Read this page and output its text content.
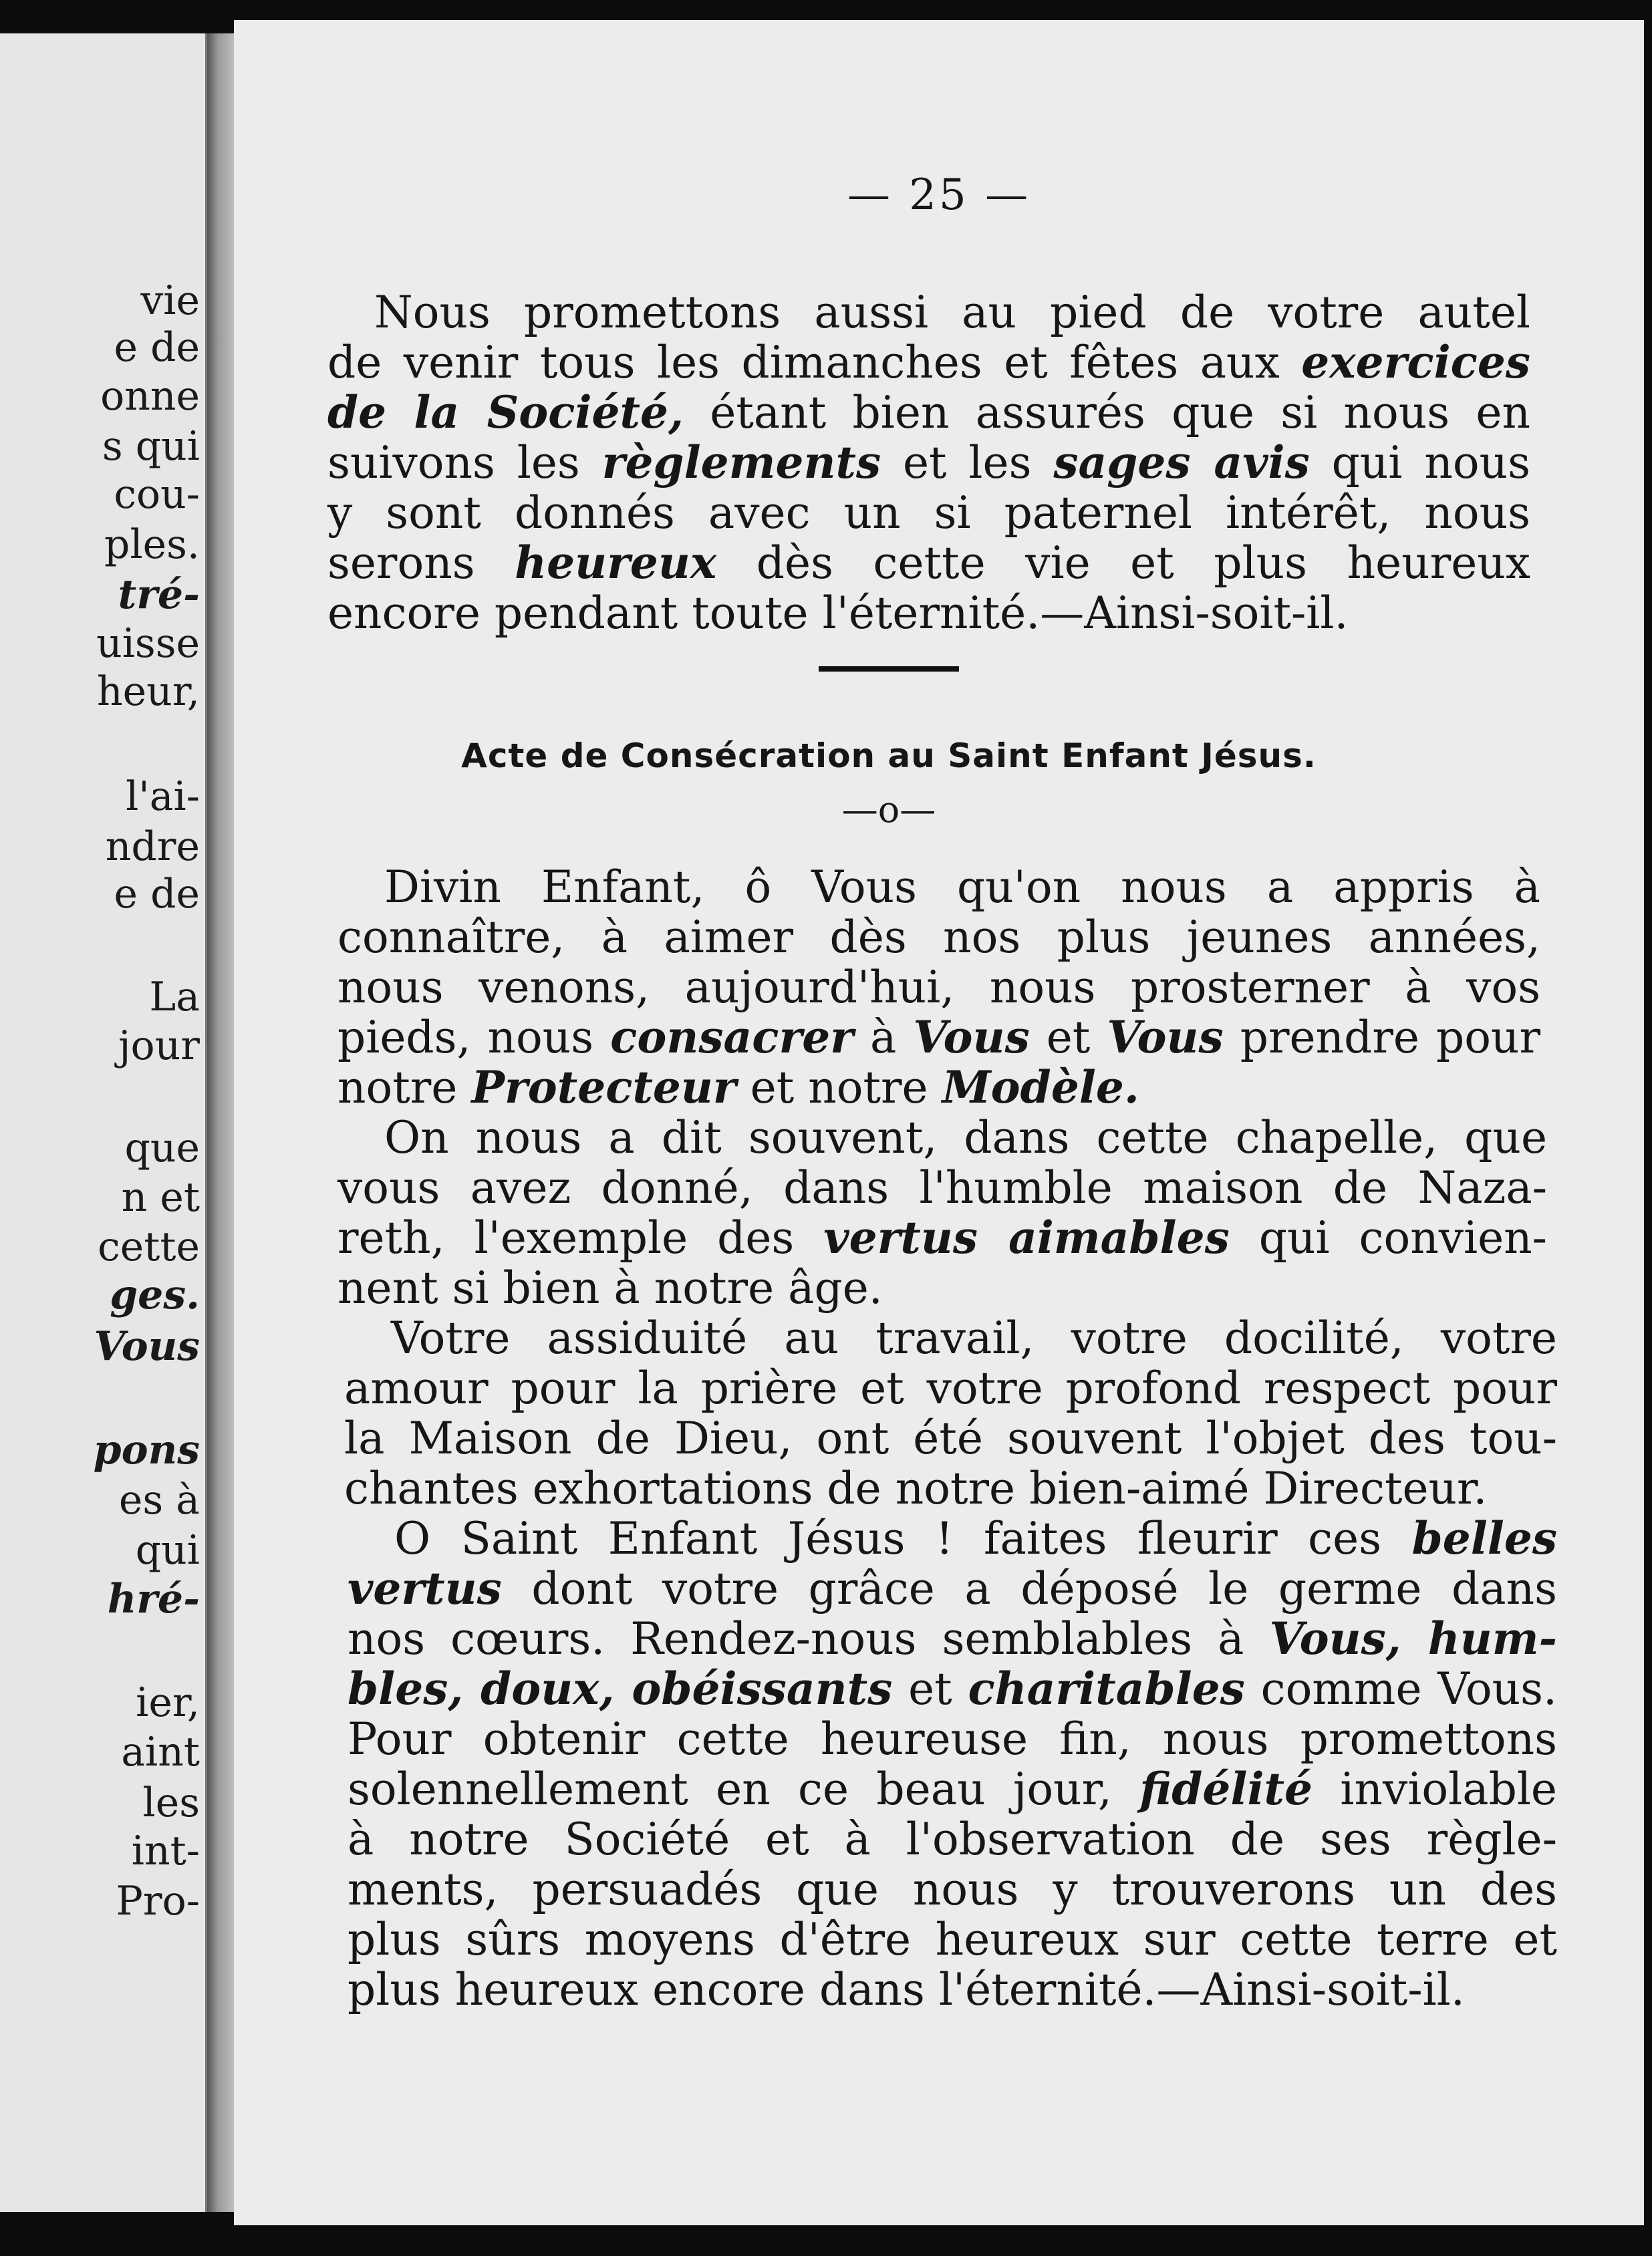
vie
e de
onne
s qui
cou-
ples.
tré-
uisse
heur,
l'ai-
ndre
e de
La
jour
que
n et
cette
ges.
Vous
pons
es à
qui
hré-
ier,
aint
les
int-
Pro-
— 25 —
Nous promettons aussi au pied de votre autel
de venir tous les dimanches et fêtes aux exercices
de la Société, étant bien assurés que si nous en
suivons les règlements et les sages avis qui nous
y sont donnés avec un si paternel intérêt, nous
serons heureux dès cette vie et plus heureux
encore pendant toute l'éternité.—Ainsi-soit-il.
Acte de Consécration au Saint Enfant Jésus.
—o—
Divin Enfant, ô Vous qu'on nous a appris à
connaître, à aimer dès nos plus jeunes années,
nous venons, aujourd'hui, nous prosterner à vos
pieds, nous consacrer à Vous et Vous prendre pour
notre Protecteur et notre Modèle.
On nous a dit souvent, dans cette chapelle, que
vous avez donné, dans l'humble maison de Naza-
reth, l'exemple des vertus aimables qui convien-
nent si bien à notre âge.
Votre assiduité au travail, votre docilité, votre
amour pour la prière et votre profond respect pour
la Maison de Dieu, ont été souvent l'objet des tou-
chantes exhortations de notre bien-aimé Directeur.
O Saint Enfant Jésus ! faites fleurir ces belles
vertus dont votre grâce a déposé le germe dans
nos cœurs. Rendez-nous semblables à Vous, hum-
bles, doux, obéissants et charitables comme Vous.
Pour obtenir cette heureuse fin, nous promettons
solennellement en ce beau jour, fidélité inviolable
à notre Société et à l'observation de ses règle-
ments, persuadés que nous y trouverons un des
plus sûrs moyens d'être heureux sur cette terre et
plus heureux encore dans l'éternité.—Ainsi-soit-il.
